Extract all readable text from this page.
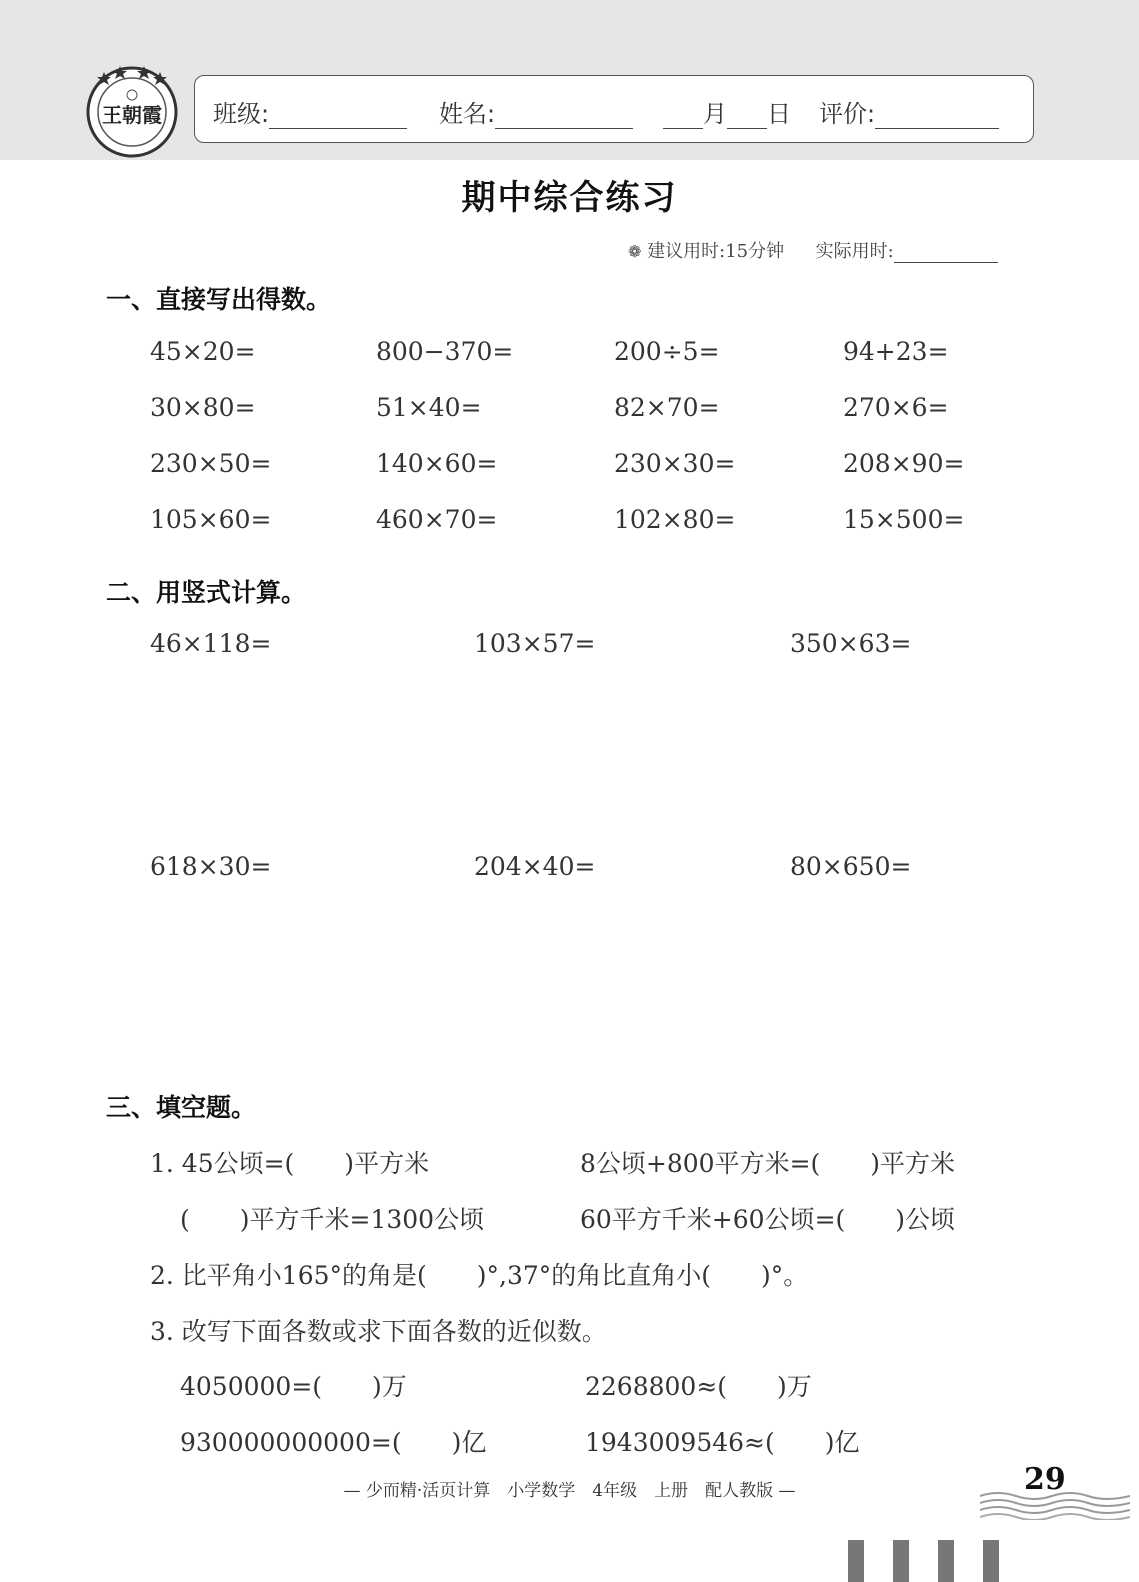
王朝霞 班级:	姓名:	月 日 评价:
期中综合练习
❁ 建议用时:15分钟 实际用时:
一、直接写出得数。
45×20=	800−370=	200÷5=	94+23=
30×80=	51×40=	82×70=	270×6=
230×50=	140×60=	230×30=	208×90=
105×60=	460×70=	102×80=	15×500=
二、用竖式计算。
46×118=	103×57=	350×63=
618×30=	204×40=	80×650=
三、填空题。
1. 45公顷=(　　)平方米	8公顷+800平方米=(　　)平方米
(　　)平方千米=1300公顷	60平方千米+60公顷=(　　)公顷
2. 比平角小165°的角是(　　)°,37°的角比直角小(　　)°。
3. 改写下面各数或求下面各数的近似数。
4050000=(　　)万	2268800≈(　　)万
930000000000=(　　)亿	1943009546≈(　　)亿
— 少而精·活页计算　小学数学　4年级　上册　配人教版 —	29
